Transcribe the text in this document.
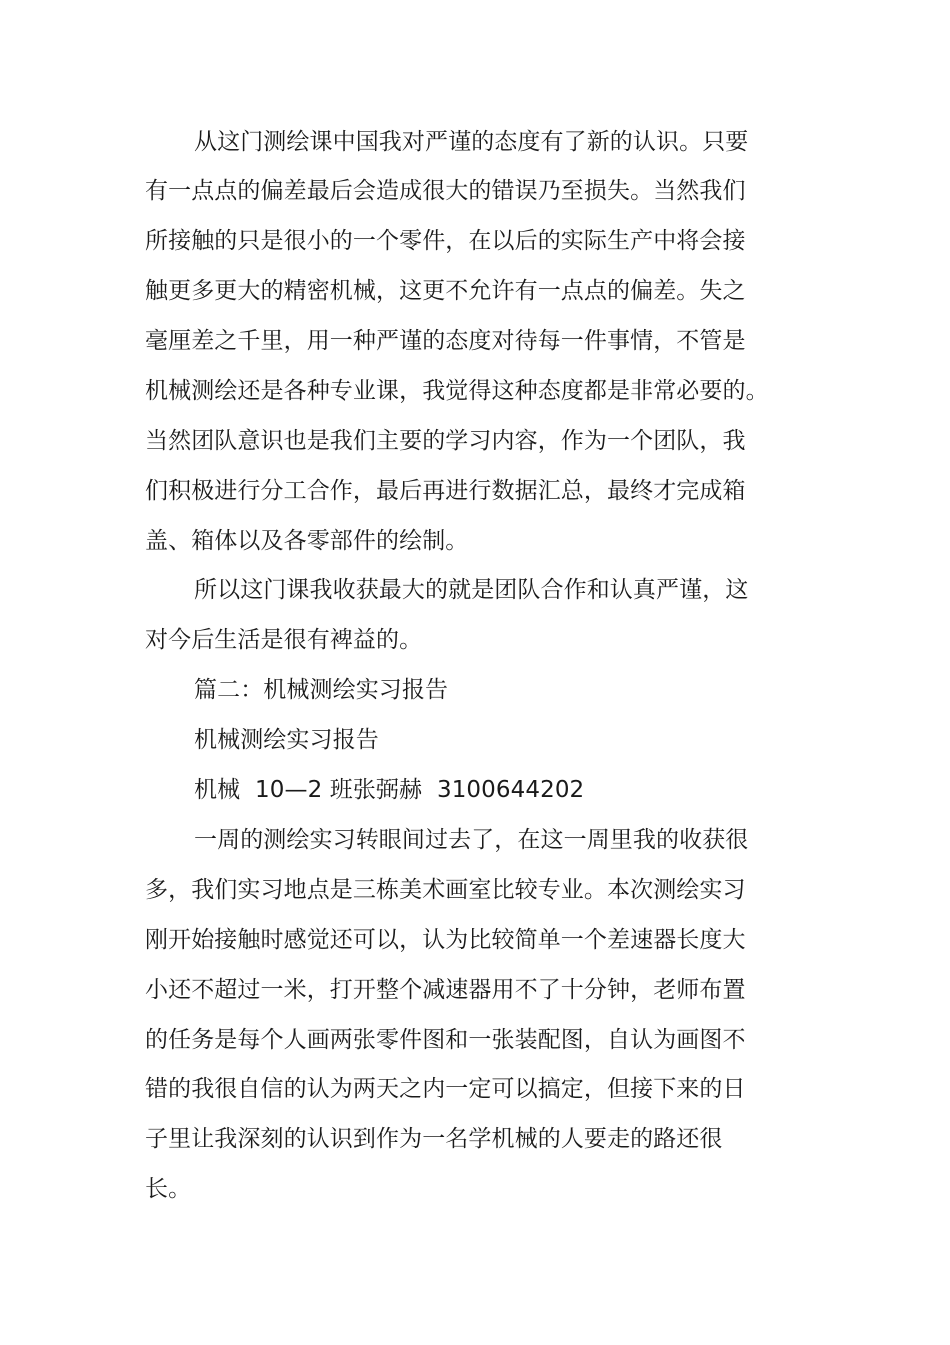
从这门测绘课中国我对严谨的态度有了新的认识。只要
有一点点的偏差最后会造成很大的错误乃至损失。当然我们
所接触的只是很小的一个零件，在以后的实际生产中将会接
触更多更大的精密机械，这更不允许有一点点的偏差。失之
毫厘差之千里，用一种严谨的态度对待每一件事情，不管是
机械测绘还是各种专业课，我觉得这种态度都是非常必要的。
当然团队意识也是我们主要的学习内容，作为一个团队，我
们积极进行分工合作，最后再进行数据汇总，最终才完成箱
盖、箱体以及各零部件的绘制。
所以这门课我收获最大的就是团队合作和认真严谨，这
对今后生活是很有裨益的。
篇二：机械测绘实习报告
机械测绘实习报告
机械  10—2 班张弼赫  3100644202
一周的测绘实习转眼间过去了，在这一周里我的收获很
多，我们实习地点是三栋美术画室比较专业。本次测绘实习
刚开始接触时感觉还可以，认为比较简单一个差速器长度大
小还不超过一米，打开整个减速器用不了十分钟，老师布置
的任务是每个人画两张零件图和一张装配图，自认为画图不
错的我很自信的认为两天之内一定可以搞定，但接下来的日
子里让我深刻的认识到作为一名学机械的人要走的路还很
长。
